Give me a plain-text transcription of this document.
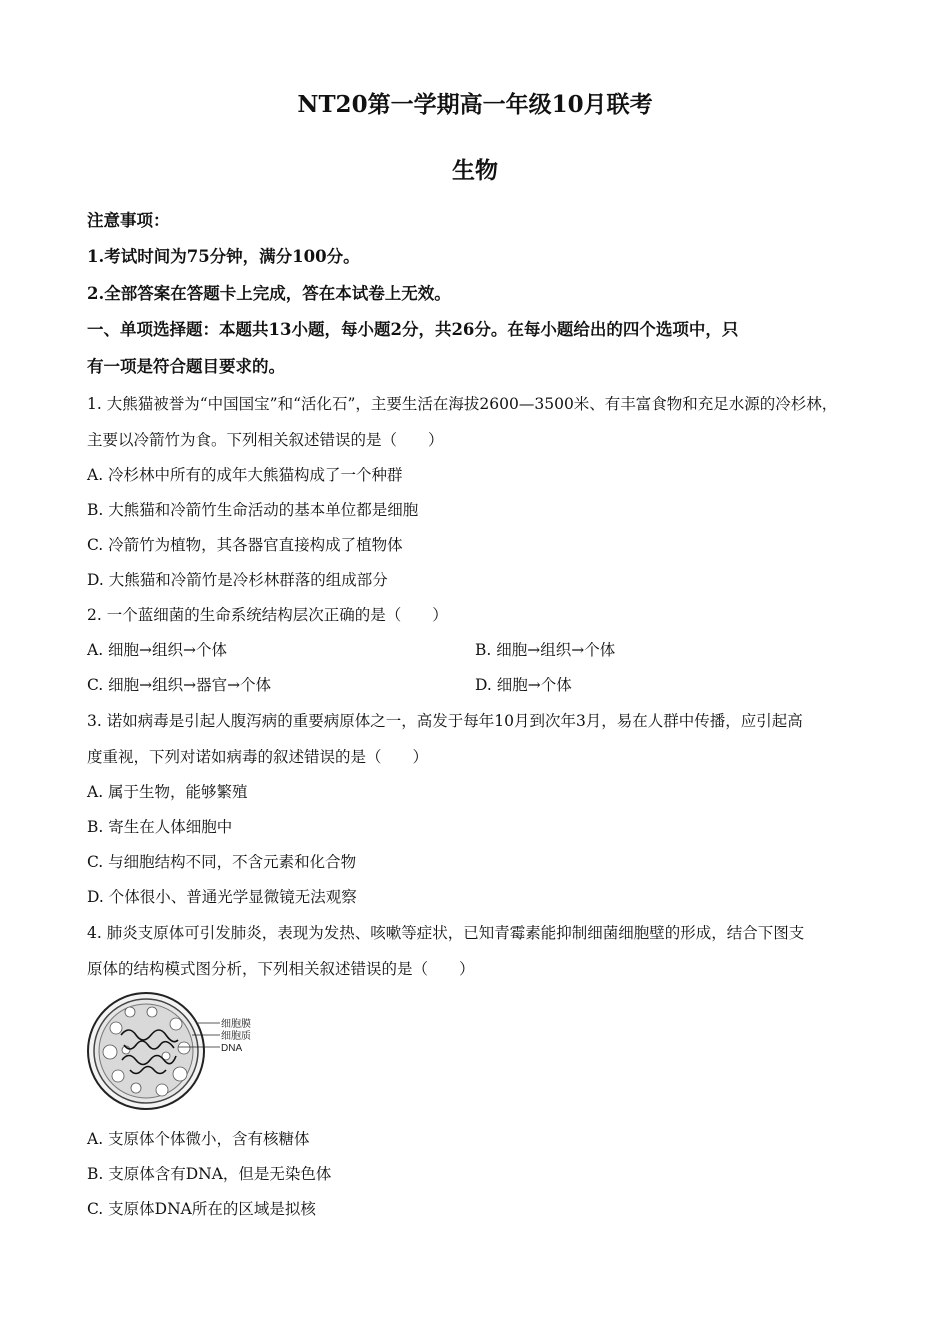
NT20第一学期高一年级10月联考
生物
注意事项：
1.考试时间为75分钟，满分100分。
2.全部答案在答题卡上完成，答在本试卷上无效。
一、单项选择题：本题共13小题，每小题2分，共26分。在每小题给出的四个选项中，只
有一项是符合题目要求的。
1. 大熊猫被誉为“中国国宝”和“活化石”，主要生活在海拔2600—3500米、有丰富食物和充足水源的冷杉林，
主要以冷箭竹为食。下列相关叙述错误的是（　　）
A. 冷杉林中所有的成年大熊猫构成了一个种群
B. 大熊猫和冷箭竹生命活动的基本单位都是细胞
C. 冷箭竹为植物，其各器官直接构成了植物体
D. 大熊猫和冷箭竹是冷杉林群落的组成部分
2. 一个蓝细菌的生命系统结构层次正确的是（　　）
A. 细胞→组织→个体	B. 细胞→组织→个体
C. 细胞→组织→器官→个体	D. 细胞→个体
3. 诺如病毒是引起人腹泻病的重要病原体之一，高发于每年10月到次年3月，易在人群中传播，应引起高
度重视，下列对诺如病毒的叙述错误的是（　　）
A. 属于生物，能够繁殖
B. 寄生在人体细胞中
C. 与细胞结构不同，不含元素和化合物
D. 个体很小、普通光学显微镜无法观察
4. 肺炎支原体可引发肺炎，表现为发热、咳嗽等症状，已知青霉素能抑制细菌细胞壁的形成，结合下图支
原体的结构模式图分析，下列相关叙述错误的是（　　）
细胞膜
细胞质
DNA
A. 支原体个体微小，含有核糖体
B. 支原体含有DNA，但是无染色体
C. 支原体DNA所在的区域是拟核
